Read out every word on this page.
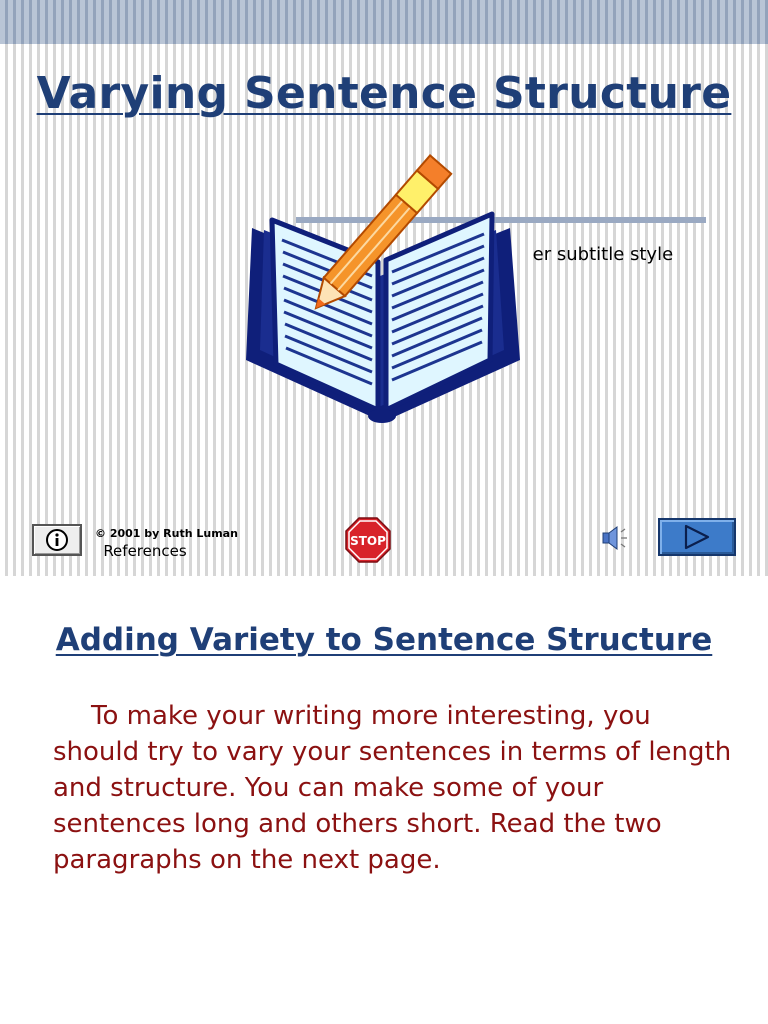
Varying Sentence Structure
er subtitle style
© 2001 by Ruth Luman
References
STOP
Adding Variety to Sentence Structure

To make your writing more interesting, you should try to vary your sentences in terms of length and structure. You can make some of your sentences long and others short. Read the two paragraphs on the next page.
